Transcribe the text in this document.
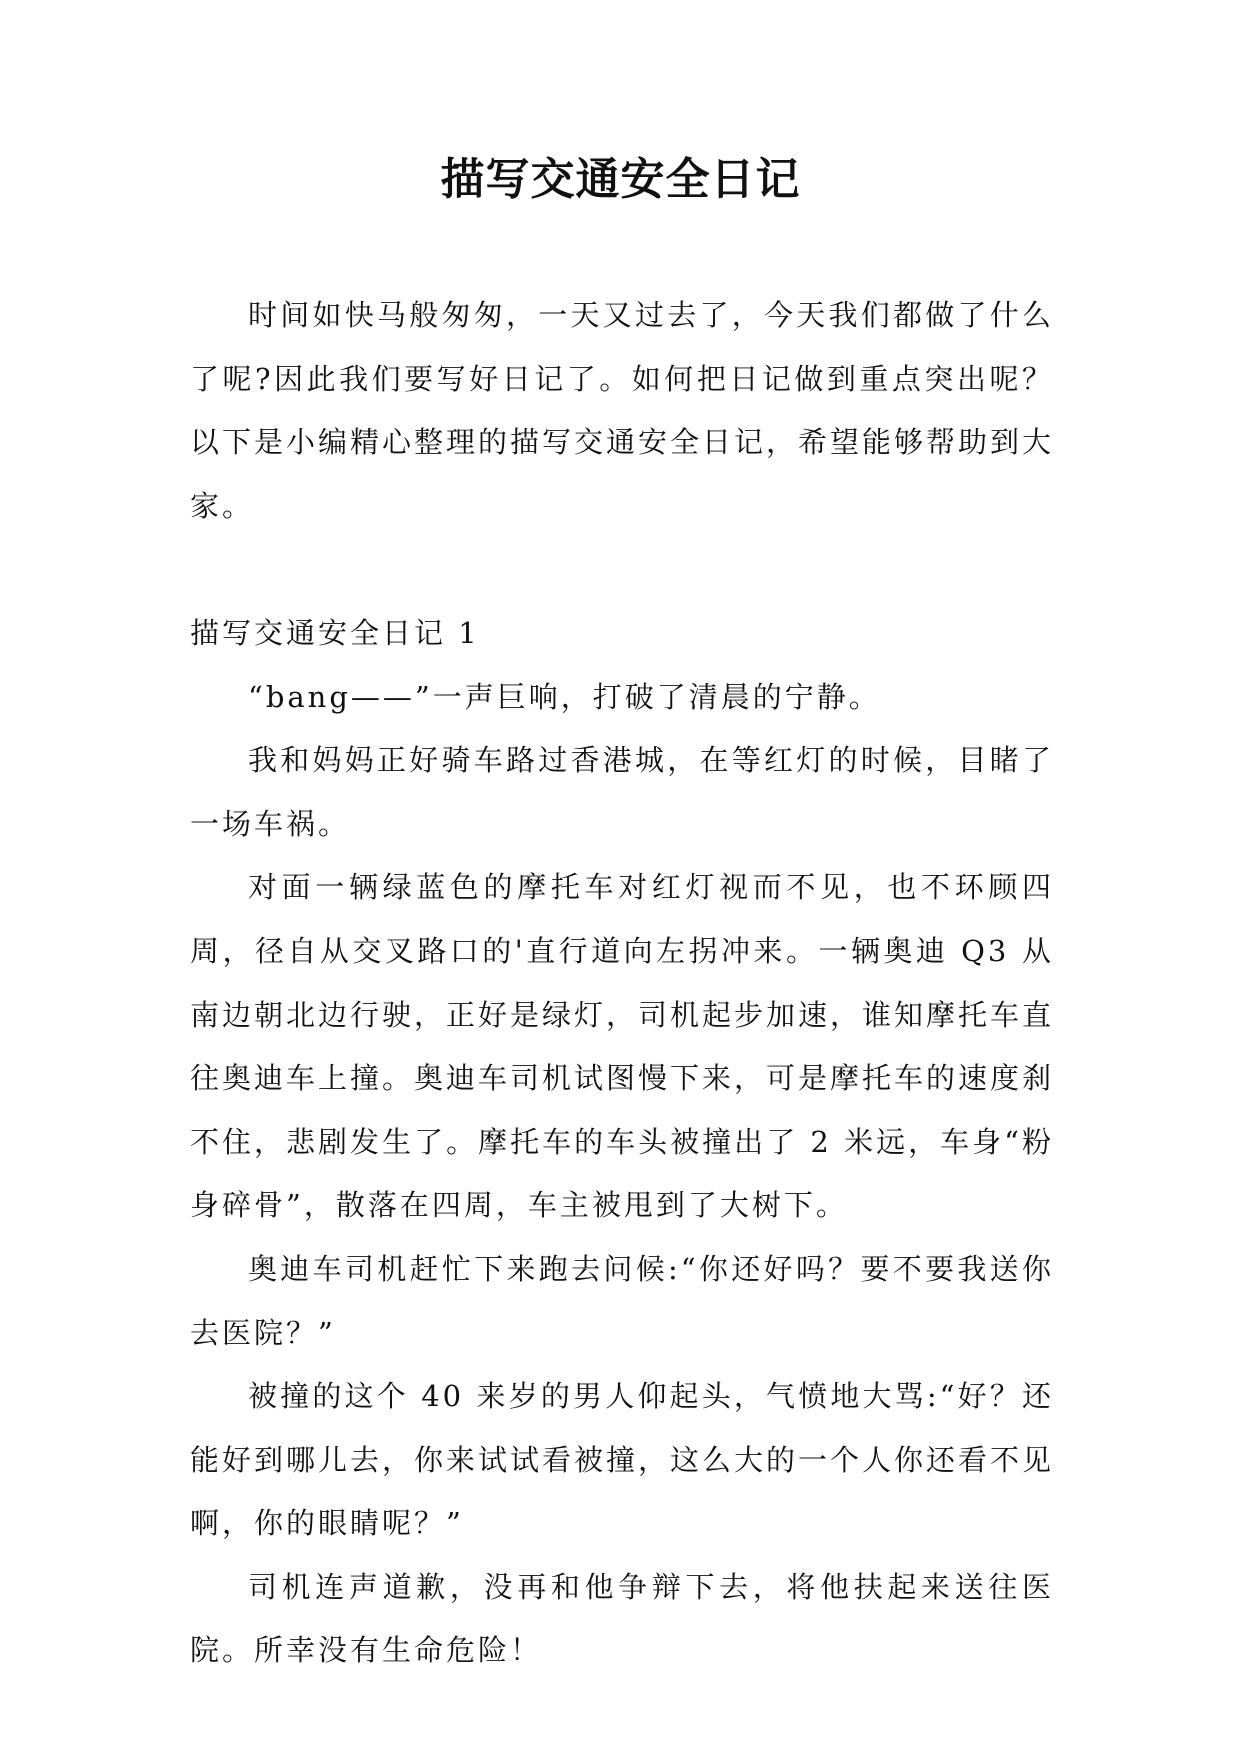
描写交通安全日记

时间如快马般匆匆，一天又过去了，今天我们都做了什么了呢?因此我们要写好日记了。如何把日记做到重点突出呢？以下是小编精心整理的描写交通安全日记，希望能够帮助到大家。

描写交通安全日记 1

“bang——”一声巨响，打破了清晨的宁静。

我和妈妈正好骑车路过香港城，在等红灯的时候，目睹了一场车祸。

对面一辆绿蓝色的摩托车对红灯视而不见，也不环顾四周，径自从交叉路口的'直行道向左拐冲来。一辆奥迪 Q3 从南边朝北边行驶，正好是绿灯，司机起步加速，谁知摩托车直往奥迪车上撞。奥迪车司机试图慢下来，可是摩托车的速度刹不住，悲剧发生了。摩托车的车头被撞出了 2 米远，车身“粉身碎骨”，散落在四周，车主被甩到了大树下。

奥迪车司机赶忙下来跑去问候:“你还好吗？要不要我送你去医院？”

被撞的这个 40 来岁的男人仰起头，气愤地大骂:“好？还能好到哪儿去，你来试试看被撞，这么大的一个人你还看不见啊，你的眼睛呢？”

司机连声道歉，没再和他争辩下去，将他扶起来送往医院。所幸没有生命危险！
